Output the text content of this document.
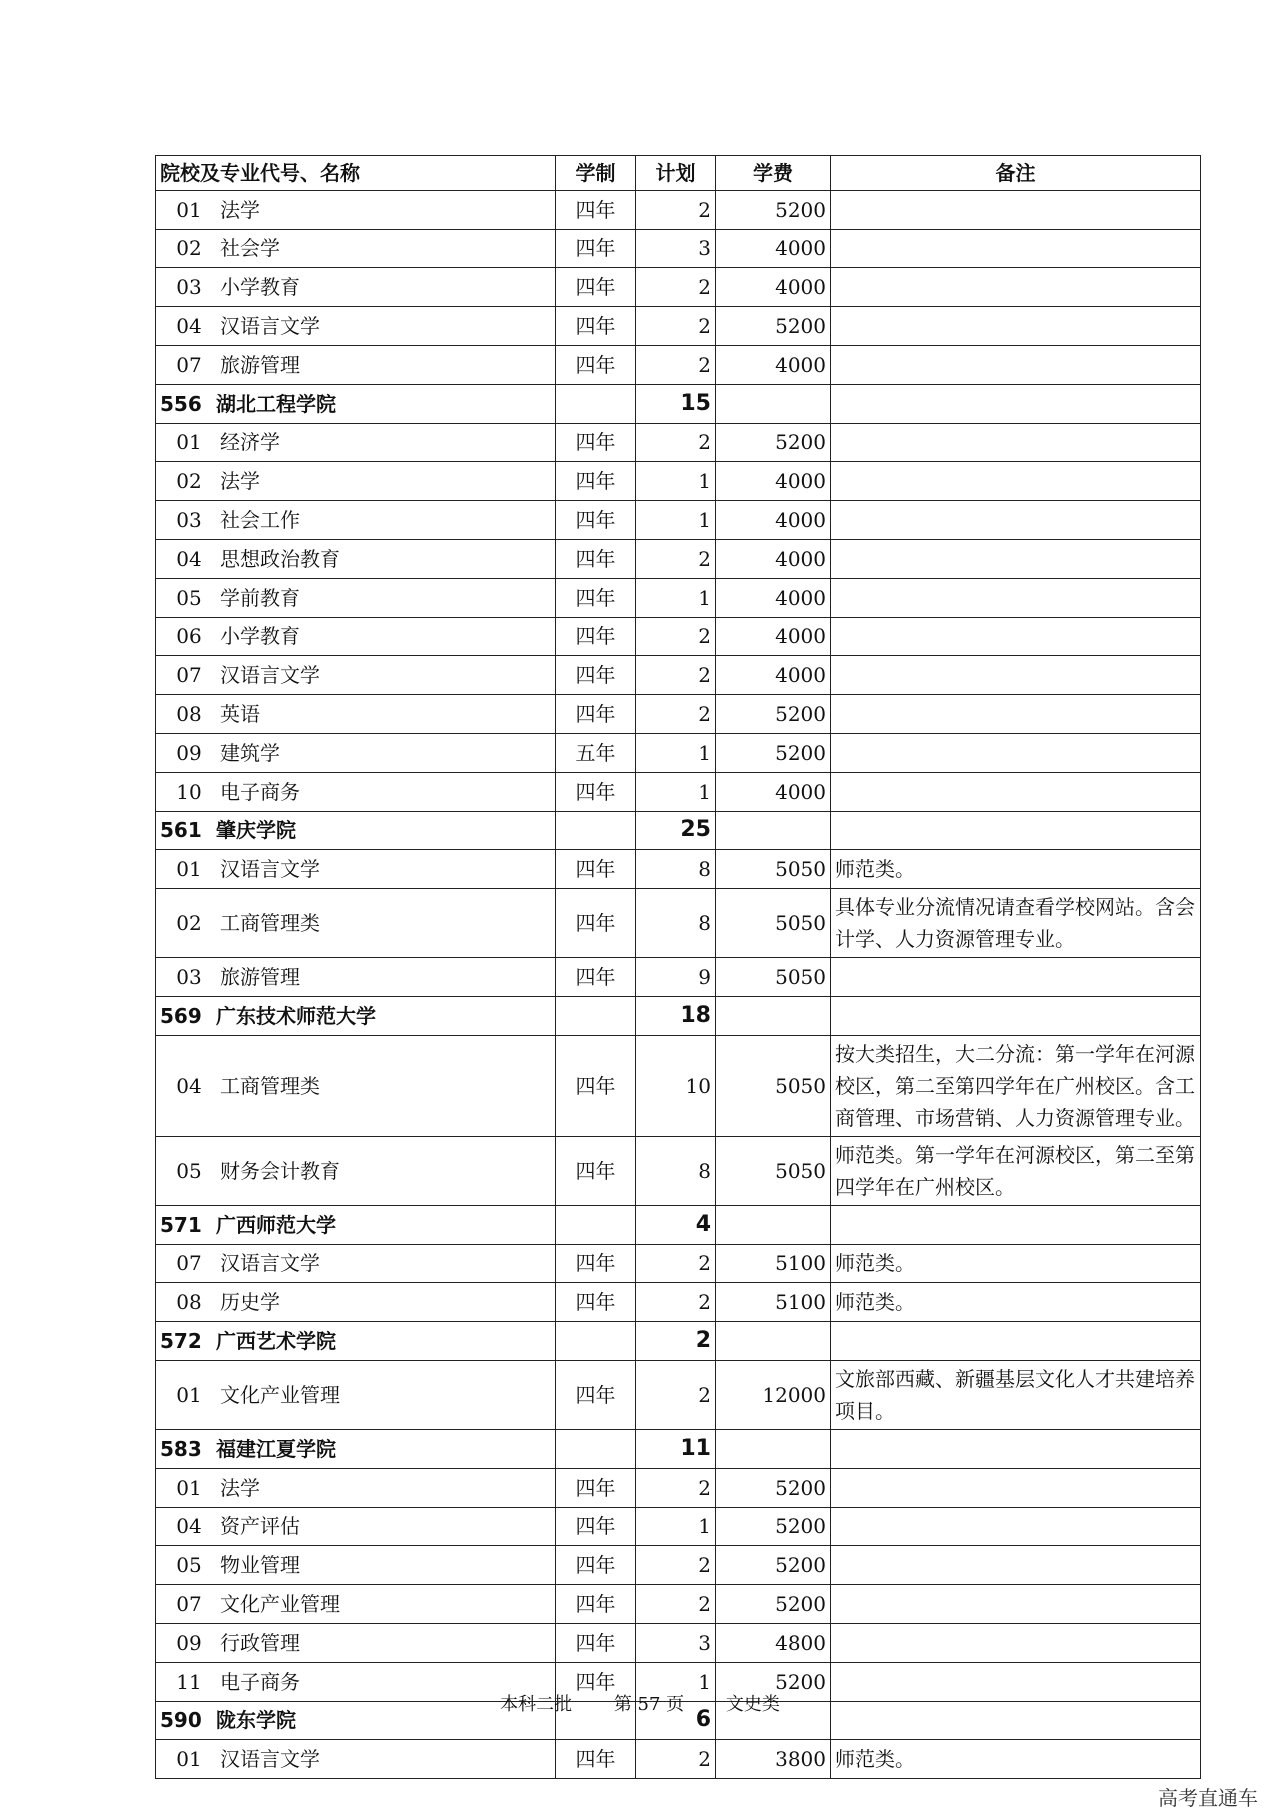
院校及专业代号、名称	学制	计划	学费	备注
01 法学	四年	2	5200	
02 社会学	四年	3	4000	
03 小学教育	四年	2	4000	
04 汉语言文学	四年	2	5200	
07 旅游管理	四年	2	4000	
556 湖北工程学院		15		
01 经济学	四年	2	5200	
02 法学	四年	1	4000	
03 社会工作	四年	1	4000	
04 思想政治教育	四年	2	4000	
05 学前教育	四年	1	4000	
06 小学教育	四年	2	4000	
07 汉语言文学	四年	2	4000	
08 英语	四年	2	5200	
09 建筑学	五年	1	5200	
10 电子商务	四年	1	4000	
561 肇庆学院		25		
01 汉语言文学	四年	8	5050	师范类。
02 工商管理类	四年	8	5050	具体专业分流情况请查看学校网站。含会计学、人力资源管理专业。
03 旅游管理	四年	9	5050	
569 广东技术师范大学		18		
04 工商管理类	四年	10	5050	按大类招生，大二分流：第一学年在河源校区，第二至第四学年在广州校区。含工商管理、市场营销、人力资源管理专业。
05 财务会计教育	四年	8	5050	师范类。第一学年在河源校区，第二至第四学年在广州校区。
571 广西师范大学		4		
07 汉语言文学	四年	2	5100	师范类。
08 历史学	四年	2	5100	师范类。
572 广西艺术学院		2		
01 文化产业管理	四年	2	12000	文旅部西藏、新疆基层文化人才共建培养项目。
583 福建江夏学院		11		
01 法学	四年	2	5200	
04 资产评估	四年	1	5200	
05 物业管理	四年	2	5200	
07 文化产业管理	四年	2	5200	
09 行政管理	四年	3	4800	
11 电子商务	四年	1	5200	
590 陇东学院		6		
01 汉语言文学	四年	2	3800	师范类。
本科二批 第 57 页 文史类
高考直通车
